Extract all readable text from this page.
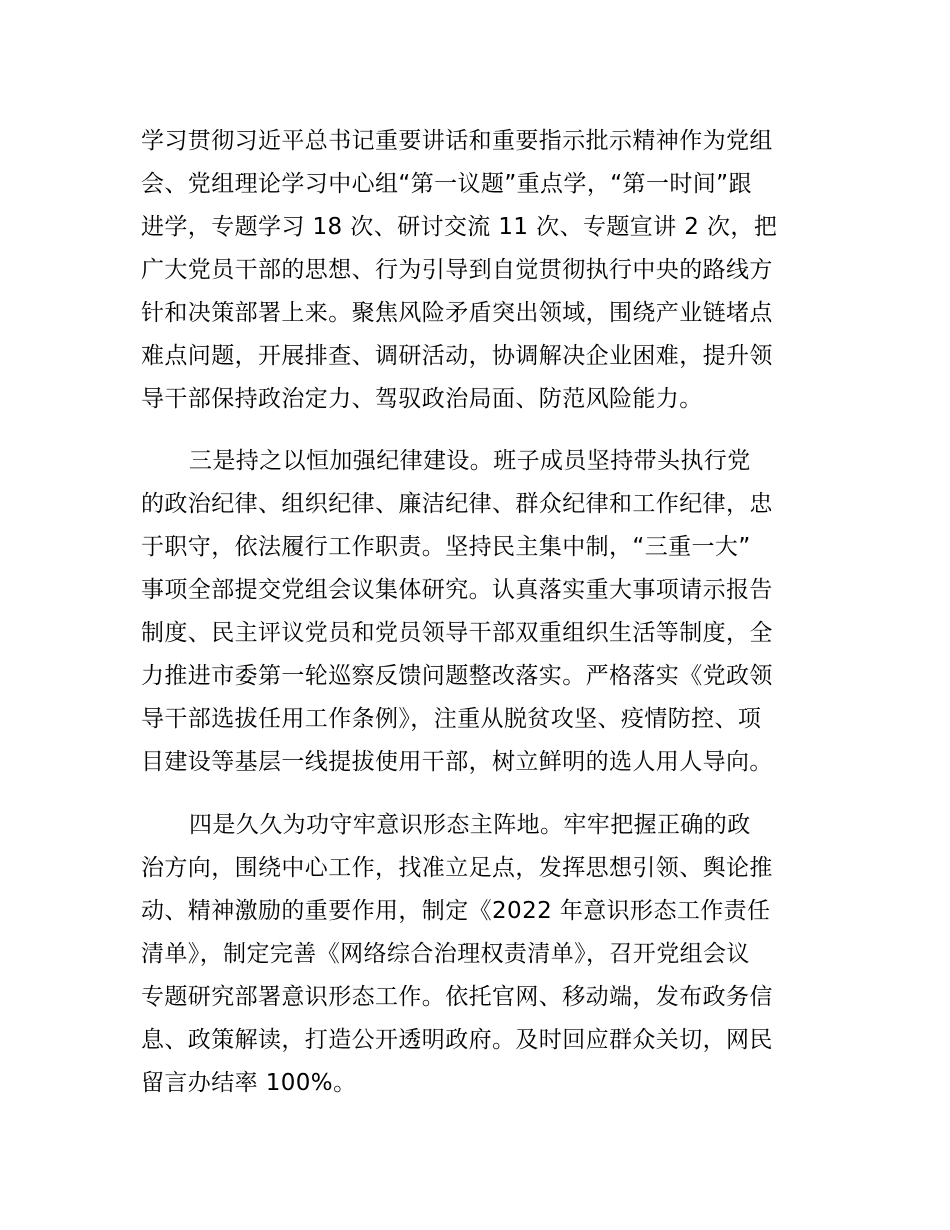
学习贯彻习近平总书记重要讲话和重要指示批示精神作为党组
会、党组理论学习中心组“第一议题”重点学，“第一时间”跟
进学，专题学习 18 次、研讨交流 11 次、专题宣讲 2 次，把
广大党员干部的思想、行为引导到自觉贯彻执行中央的路线方
针和决策部署上来。聚焦风险矛盾突出领域，围绕产业链堵点
难点问题，开展排查、调研活动，协调解决企业困难，提升领
导干部保持政治定力、驾驭政治局面、防范风险能力。
三是持之以恒加强纪律建设。班子成员坚持带头执行党
的政治纪律、组织纪律、廉洁纪律、群众纪律和工作纪律，忠
于职守，依法履行工作职责。坚持民主集中制，“三重一大”
事项全部提交党组会议集体研究。认真落实重大事项请示报告
制度、民主评议党员和党员领导干部双重组织生活等制度，全
力推进市委第一轮巡察反馈问题整改落实。严格落实《党政领
导干部选拔任用工作条例》，注重从脱贫攻坚、疫情防控、项
目建设等基层一线提拔使用干部，树立鲜明的选人用人导向。
四是久久为功守牢意识形态主阵地。牢牢把握正确的政
治方向，围绕中心工作，找准立足点，发挥思想引领、舆论推
动、精神激励的重要作用，制定《2022 年意识形态工作责任
清单》，制定完善《网络综合治理权责清单》，召开党组会议
专题研究部署意识形态工作。依托官网、移动端，发布政务信
息、政策解读，打造公开透明政府。及时回应群众关切，网民
留言办结率 100%。
